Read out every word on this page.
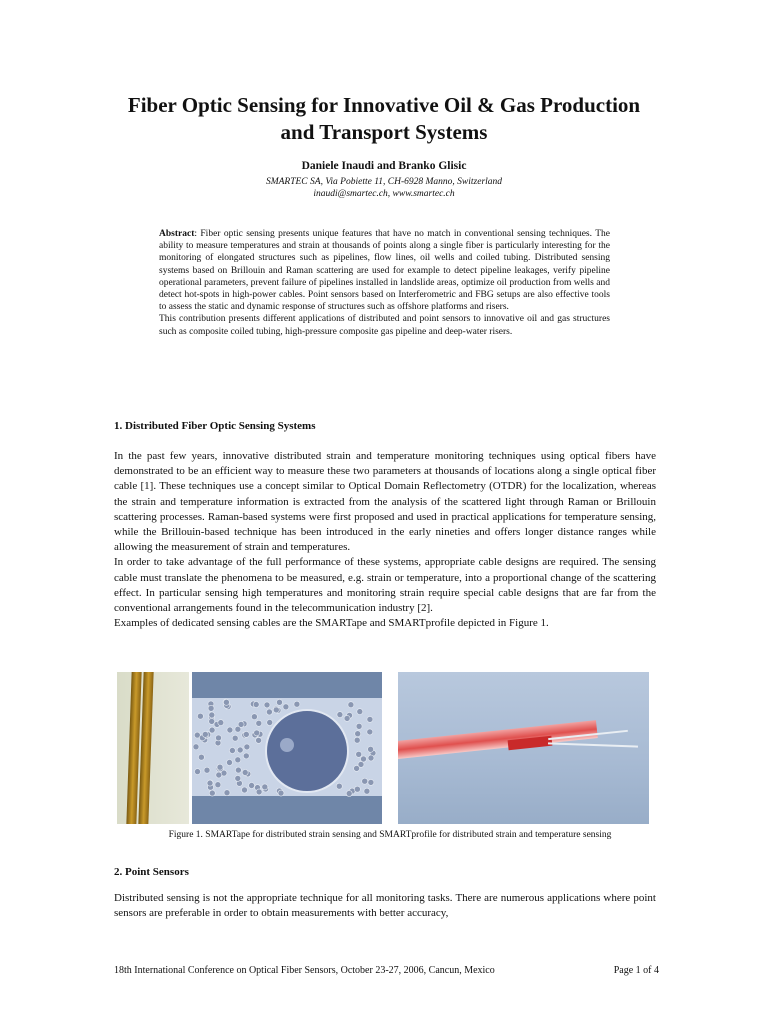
Fiber Optic Sensing for Innovative Oil & Gas Production and Transport Systems
Daniele Inaudi and Branko Glisic
SMARTEC SA, Via Pobiette 11, CH-6928 Manno, Switzerland
inaudi@smartec.ch, www.smartec.ch

Abstract: Fiber optic sensing presents unique features that have no match in conventional sensing techniques. The ability to measure temperatures and strain at thousands of points along a single fiber is particularly interesting for the monitoring of elongated structures such as pipelines, flow lines, oil wells and coiled tubing. Distributed sensing systems based on Brillouin and Raman scattering are used for example to detect pipeline leakages, verify pipeline operational parameters, prevent failure of pipelines installed in landslide areas, optimize oil production from wells and detect hot-spots in high-power cables. Point sensors based on Interferometric and FBG setups are also effective tools to assess the static and dynamic response of structures such as offshore platforms and risers.

This contribution presents different applications of distributed and point sensors to innovative oil and gas structures such as composite coiled tubing, high-pressure composite gas pipeline and deep-water risers.

1. Distributed Fiber Optic Sensing Systems

In the past few years, innovative distributed strain and temperature monitoring techniques using optical fibers have demonstrated to be an efficient way to measure these two parameters at thousands of locations along a single optical fiber cable [1]. These techniques use a concept similar to Optical Domain Reflectometry (OTDR) for the localization, whereas the strain and temperature information is extracted from the analysis of the scattered light through Raman or Brillouin scattering processes. Raman-based systems were first proposed and used in practical applications for temperature sensing, while the Brillouin-based technique has been introduced in the early nineties and offers longer distance ranges while allowing the measurement of strain and temperatures.

In order to take advantage of the full performance of these systems, appropriate cable designs are required. The sensing cable must translate the phenomena to be measured, e.g. strain or temperature, into a proportional change of the scattering effect. In particular sensing high temperatures and monitoring strain require special cable designs that are far from the conventional arrangements found in the telecommunication industry [2].

Examples of dedicated sensing cables are the SMARTape and SMARTprofile depicted in Figure 1.

Figure 1. SMARTape for distributed strain sensing and SMARTprofile for distributed strain and temperature sensing
2. Point Sensors

Distributed sensing is not the appropriate technique for all monitoring tasks. There are numerous applications where point sensors are preferable in order to obtain measurements with better accuracy,

18th International Conference on Optical Fiber Sensors, October 23-27, 2006, Cancun, Mexico	Page 1 of 4
